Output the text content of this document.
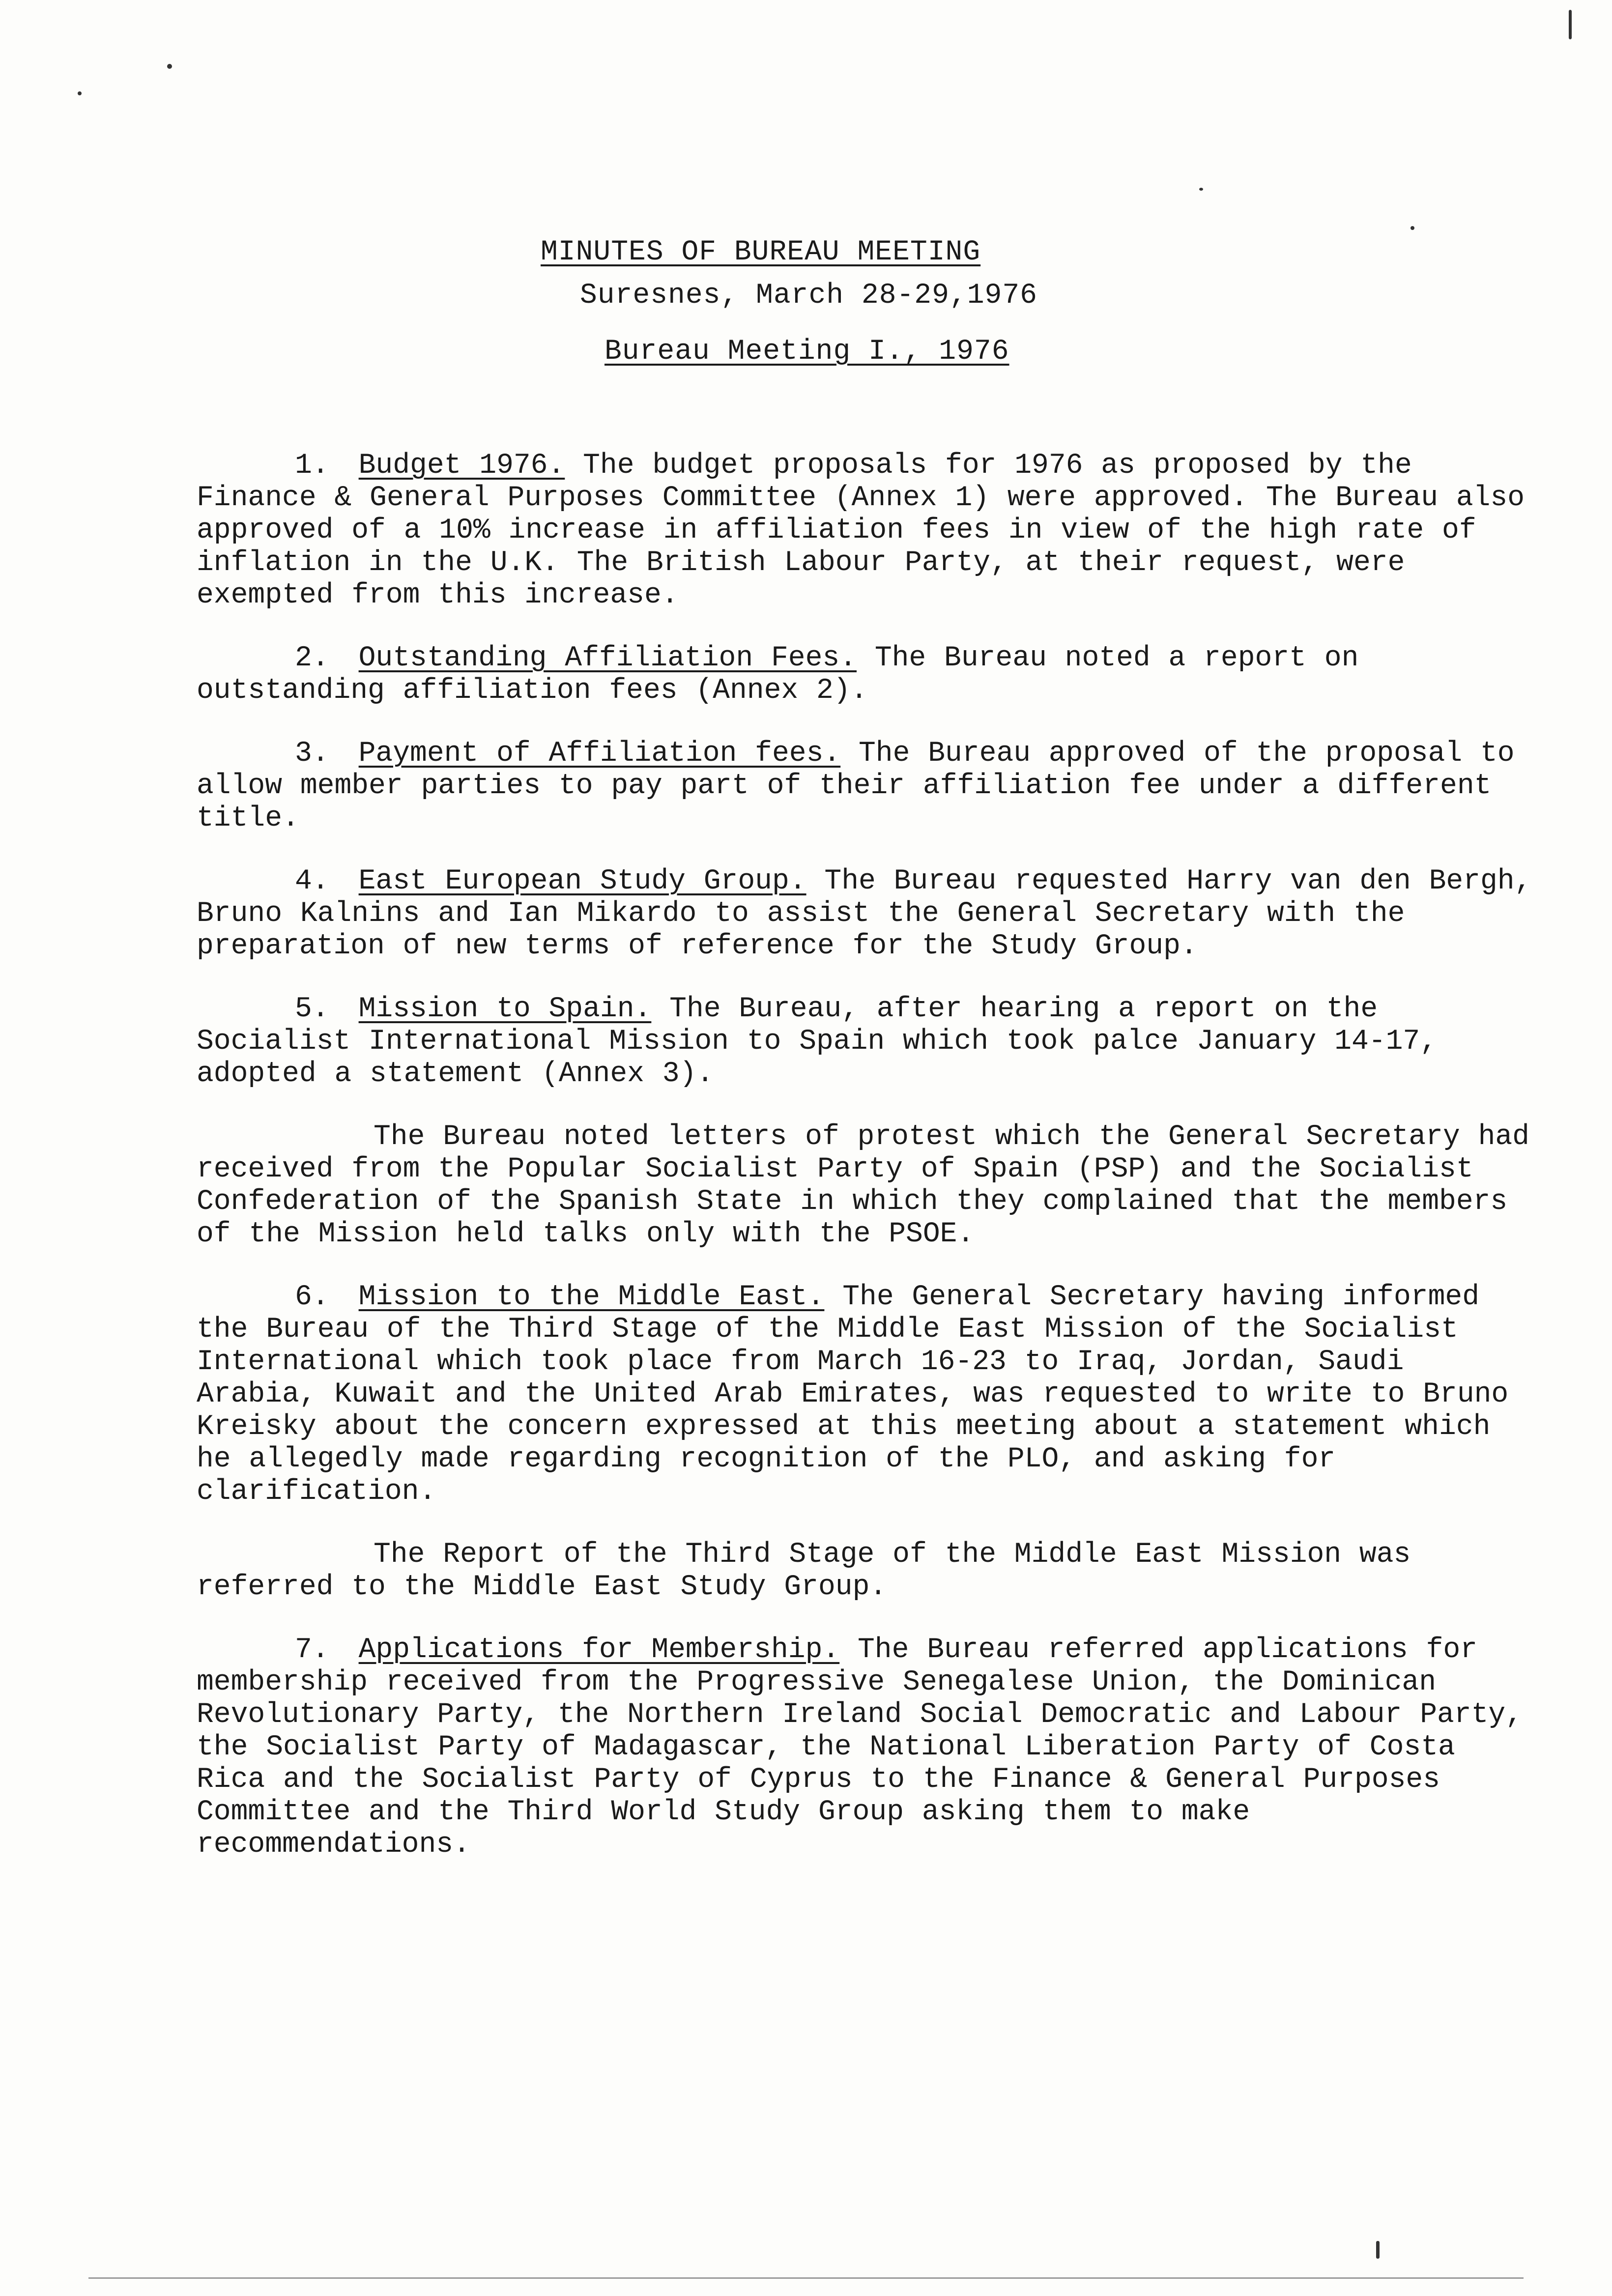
MINUTES OF BUREAU MEETING
Suresnes, March 28-29,1976
Bureau Meeting I., 1976

1. Budget 1976. The budget proposals for 1976 as proposed by the Finance & General Purposes Committee (Annex 1) were approved. The Bureau also approved of a 10% increase in affiliation fees in view of the high rate of inflation in the U.K. The British Labour Party, at their request, were exempted from this increase.

2. Outstanding Affiliation Fees. The Bureau noted a report on outstanding affiliation fees (Annex 2).

3. Payment of Affiliation fees. The Bureau approved of the proposal to allow member parties to pay part of their affiliation fee under a different title.

4. East European Study Group. The Bureau requested Harry van den Bergh, Bruno Kalnins and Ian Mikardo to assist the General Secretary with the preparation of new terms of reference for the Study Group.

5. Mission to Spain. The Bureau, after hearing a report on the Socialist International Mission to Spain which took palce January 14-17, adopted a statement (Annex 3).

The Bureau noted letters of protest which the General Secretary had received from the Popular Socialist Party of Spain (PSP) and the Socialist Confederation of the Spanish State in which they complained that the members of the Mission held talks only with the PSOE.

6. Mission to the Middle East. The General Secretary having informed the Bureau of the Third Stage of the Middle East Mission of the Socialist International which took place from March 16-23 to Iraq, Jordan, Saudi Arabia, Kuwait and the United Arab Emirates, was requested to write to Bruno Kreisky about the concern expressed at this meeting about a statement which he allegedly made regarding recognition of the PLO, and asking for clarification.

The Report of the Third Stage of the Middle East Mission was referred to the Middle East Study Group.

7. Applications for Membership. The Bureau referred applications for membership received from the Progressive Senegalese Union, the Dominican Revolutionary Party, the Northern Ireland Social Democratic and Labour Party, the Socialist Party of Madagascar, the National Liberation Party of Costa Rica and the Socialist Party of Cyprus to the Finance & General Purposes Committee and the Third World Study Group asking them to make recommendations.
